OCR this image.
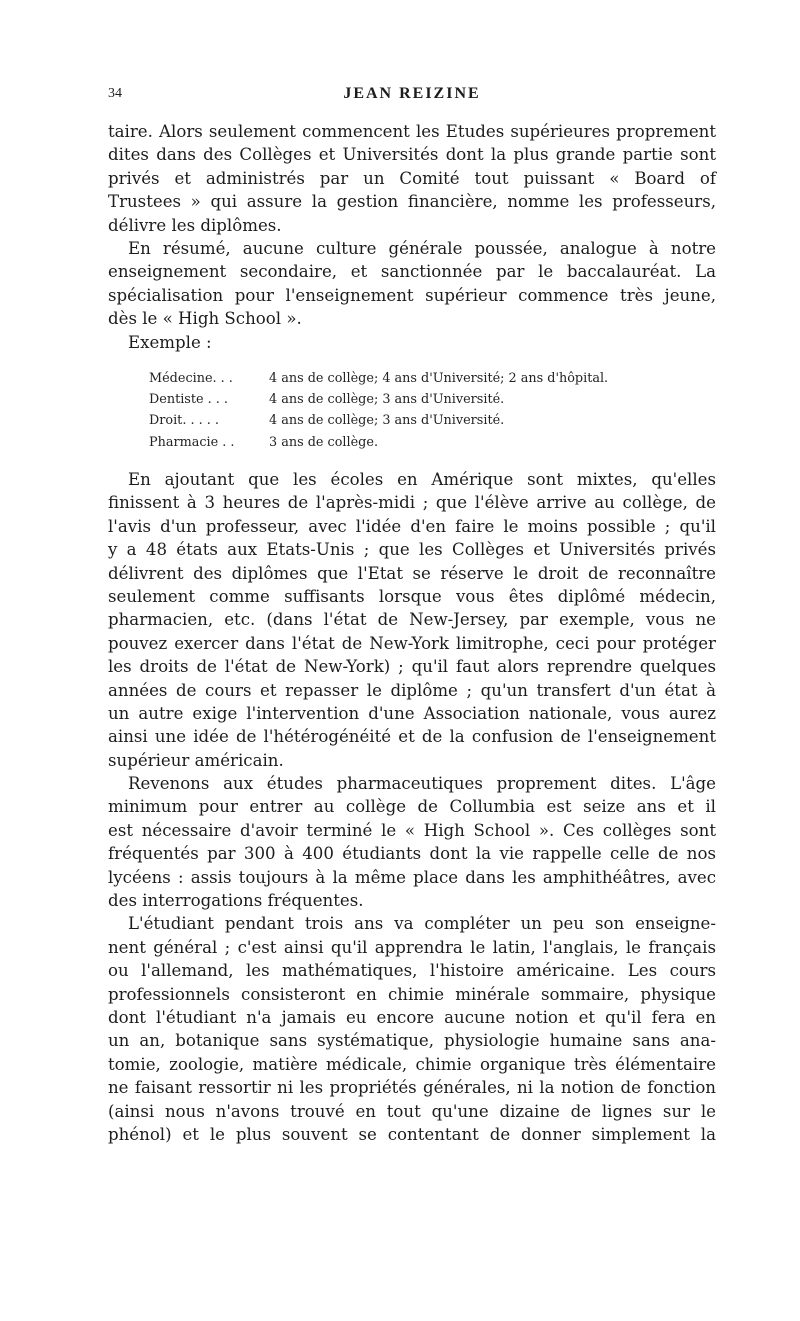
34	JEAN REIZINE
taire. Alors seulement commencent les Etudes supérieures proprement
dites dans des Collèges et Universités dont la plus grande partie sont
privés et administrés par un Comité tout puissant « Board of
Trustees » qui assure la gestion financière, nomme les professeurs,
délivre les diplômes.
En résumé, aucune culture générale poussée, analogue à notre
enseignement secondaire, et sanctionnée par le baccalauréat. La
spécialisation pour l'enseignement supérieur commence très jeune,
dès le « High School ».
Exemple :
Médecine. . .	4 ans de collège; 4 ans d'Université; 2 ans d'hôpital.
Dentiste . . .	4 ans de collège; 3 ans d'Université.
Droit. . . . .	4 ans de collège; 3 ans d'Université.
Pharmacie . .	3 ans de collège.
En ajoutant que les écoles en Amérique sont mixtes, qu'elles
finissent à 3 heures de l'après-midi ; que l'élève arrive au collège, de
l'avis d'un professeur, avec l'idée d'en faire le moins possible ; qu'il
y a 48 états aux Etats-Unis ; que les Collèges et Universités privés
délivrent des diplômes que l'Etat se réserve le droit de reconnaître
seulement comme suffisants lorsque vous êtes diplômé médecin,
pharmacien, etc. (dans l'état de New-Jersey, par exemple, vous ne
pouvez exercer dans l'état de New-York limitrophe, ceci pour protéger
les droits de l'état de New-York) ; qu'il faut alors reprendre quelques
années de cours et repasser le diplôme ; qu'un transfert d'un état à
un autre exige l'intervention d'une Association nationale, vous aurez
ainsi une idée de l'hétérogénéité et de la confusion de l'enseignement
supérieur américain.
Revenons aux études pharmaceutiques proprement dites. L'âge
minimum pour entrer au collège de Collumbia est seize ans et il
est nécessaire d'avoir terminé le « High School ». Ces collèges sont
fréquentés par 300 à 400 étudiants dont la vie rappelle celle de nos
lycéens : assis toujours à la même place dans les amphithéâtres, avec
des interrogations fréquentes.
L'étudiant pendant trois ans va compléter un peu son enseigne-
nent général ; c'est ainsi qu'il apprendra le latin, l'anglais, le français
ou l'allemand, les mathématiques, l'histoire américaine. Les cours
professionnels consisteront en chimie minérale sommaire, physique
dont l'étudiant n'a jamais eu encore aucune notion et qu'il fera en
un an, botanique sans systématique, physiologie humaine sans ana-
tomie, zoologie, matière médicale, chimie organique très élémentaire
ne faisant ressortir ni les propriétés générales, ni la notion de fonction
(ainsi nous n'avons trouvé en tout qu'une dizaine de lignes sur le
phénol) et le plus souvent se contentant de donner simplement la
